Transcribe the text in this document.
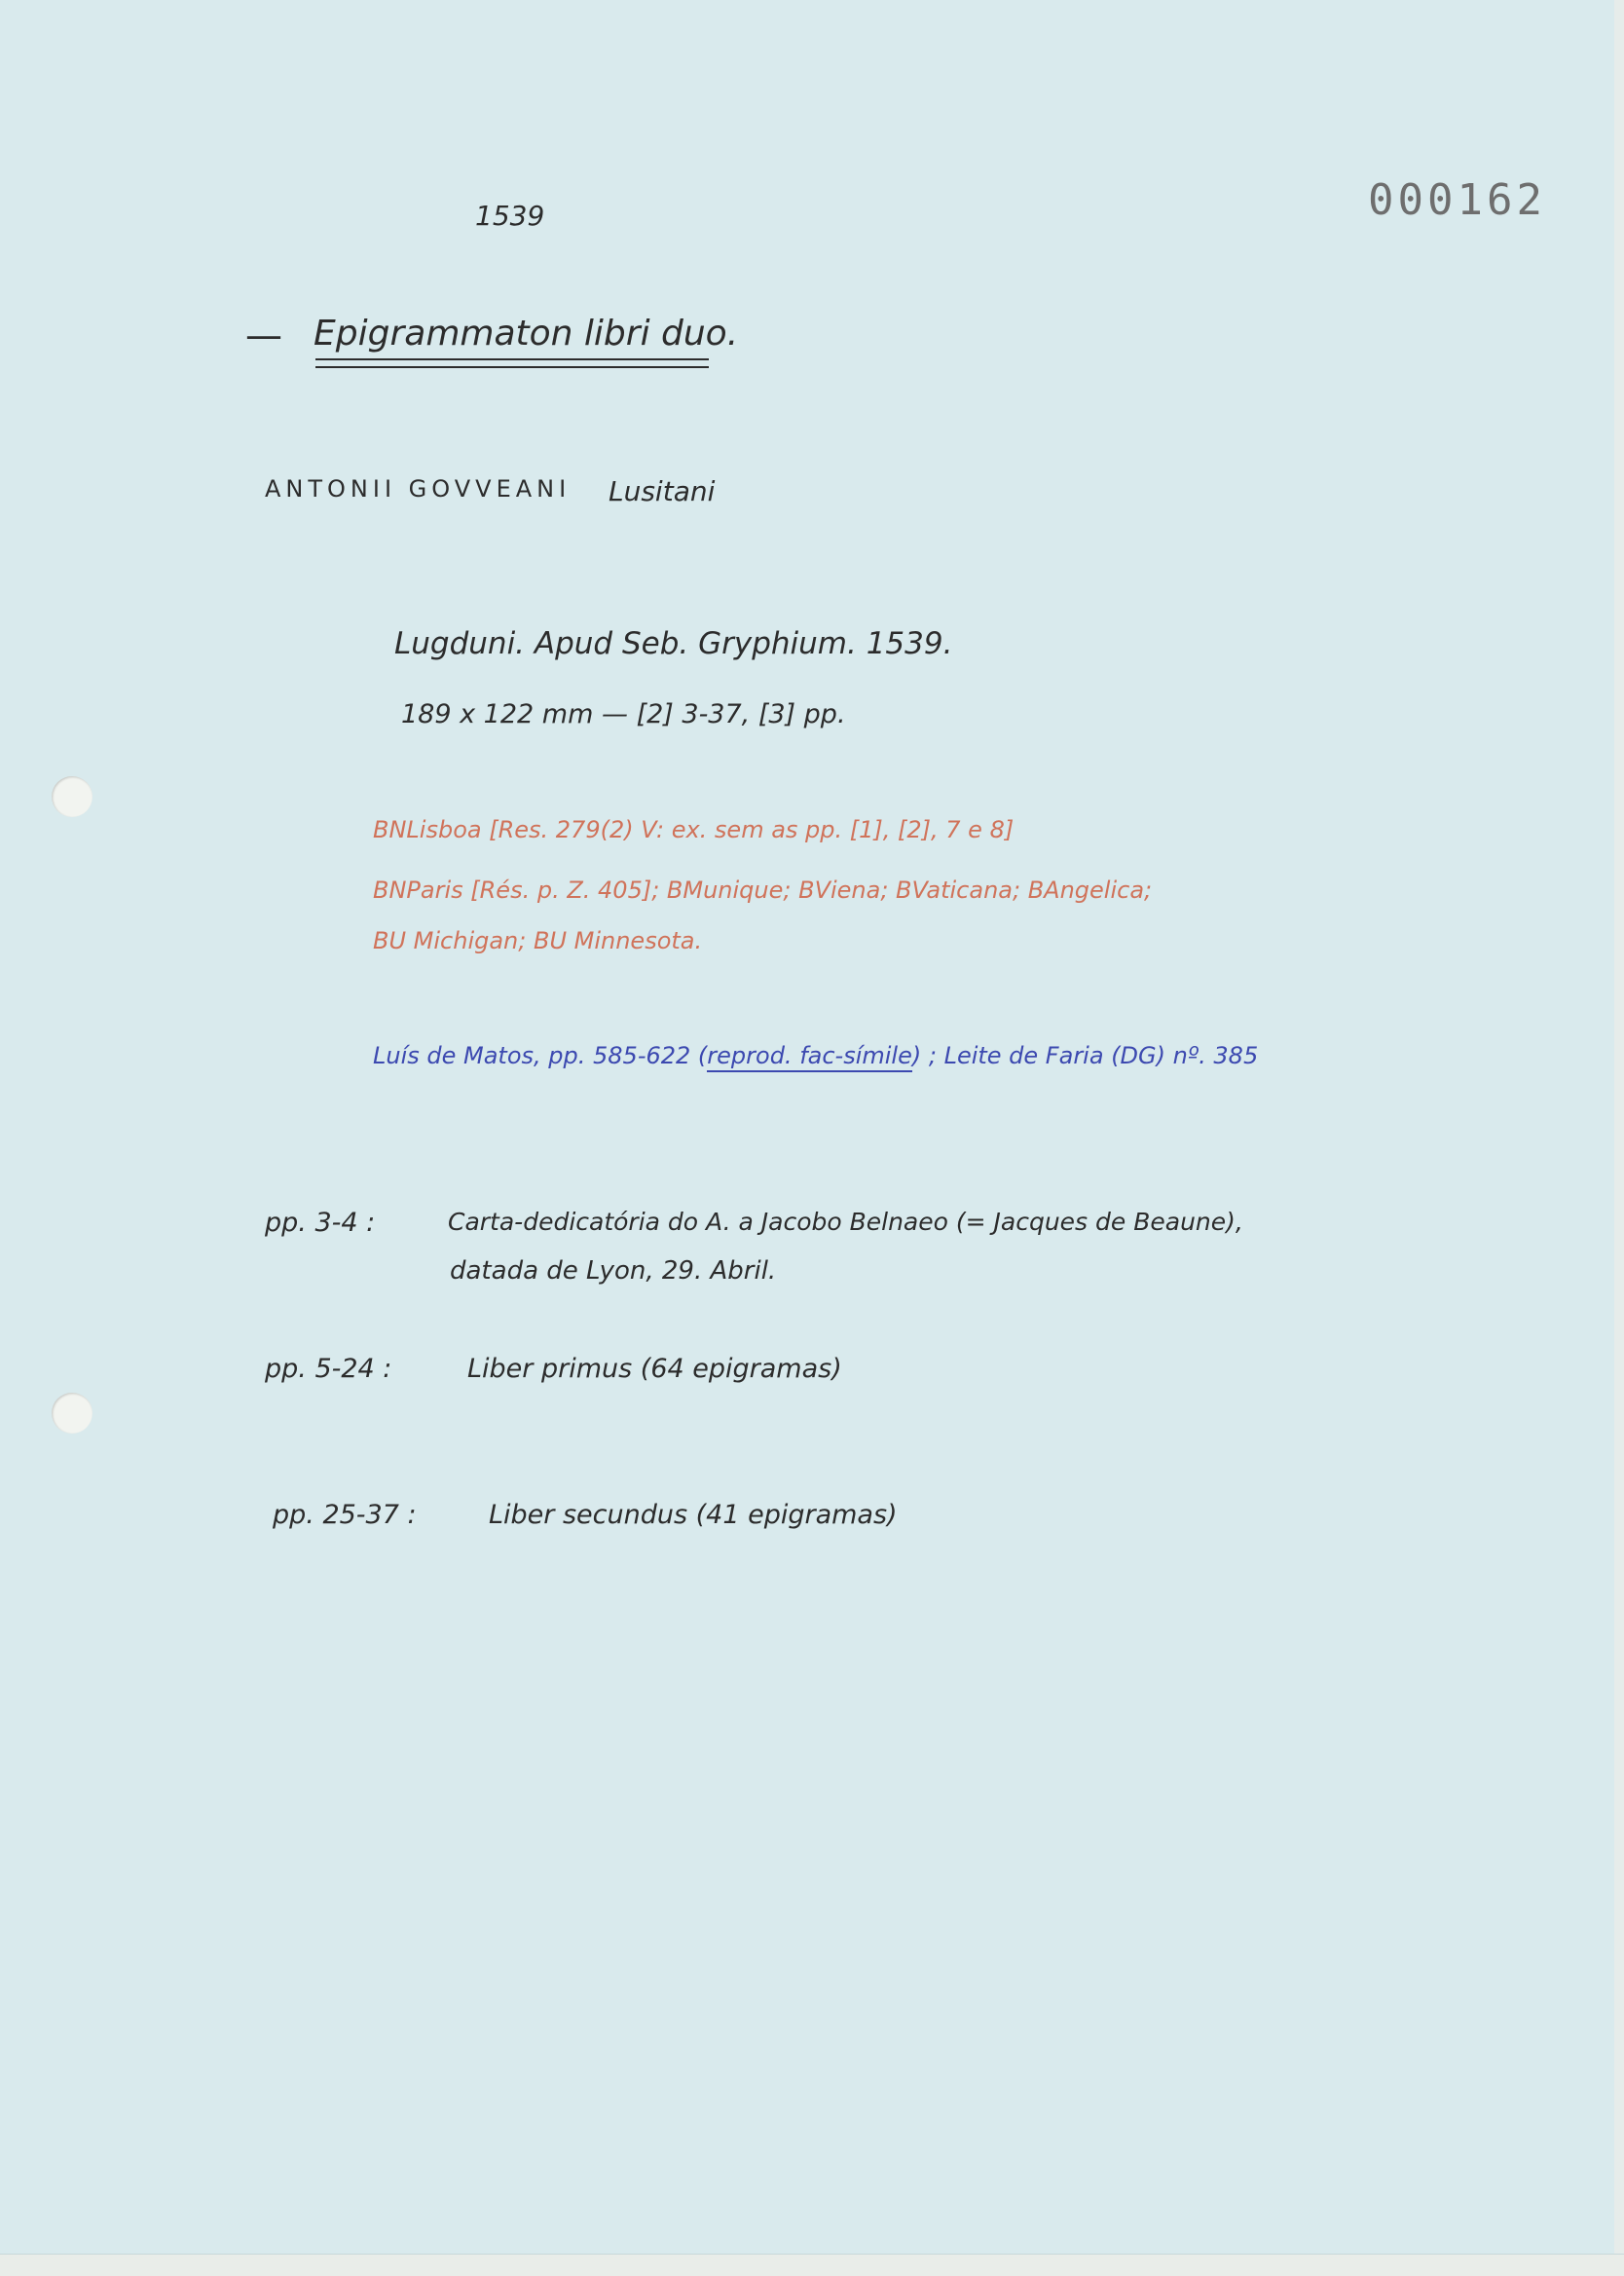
000162
1539
— Epigrammaton libri duo.
ANTONII GOVVEANI Lusitani
Lugduni. Apud Seb. Gryphium. 1539.
189 x 122 mm — [2] 3-37, [3] pp.
BNLisboa [Res. 279(2) V: ex. sem as pp. [1], [2], 7 e 8]
BNParis [Rés. p. Z. 405]; BMunique; BViena; BVaticana; BAngelica;
BU Michigan; BU Minnesota.
Luís de Matos, pp. 585-622 (reprod. fac-símile) ; Leite de Faria (DG) nº. 385
pp. 3-4 :	Carta-dedicatória do A. a Jacobo Belnaeo (= Jacques de Beaune),
datada de Lyon, 29. Abril.
pp. 5-24 :	Liber primus (64 epigramas)
pp. 25-37 :	Liber secundus (41 epigramas)
